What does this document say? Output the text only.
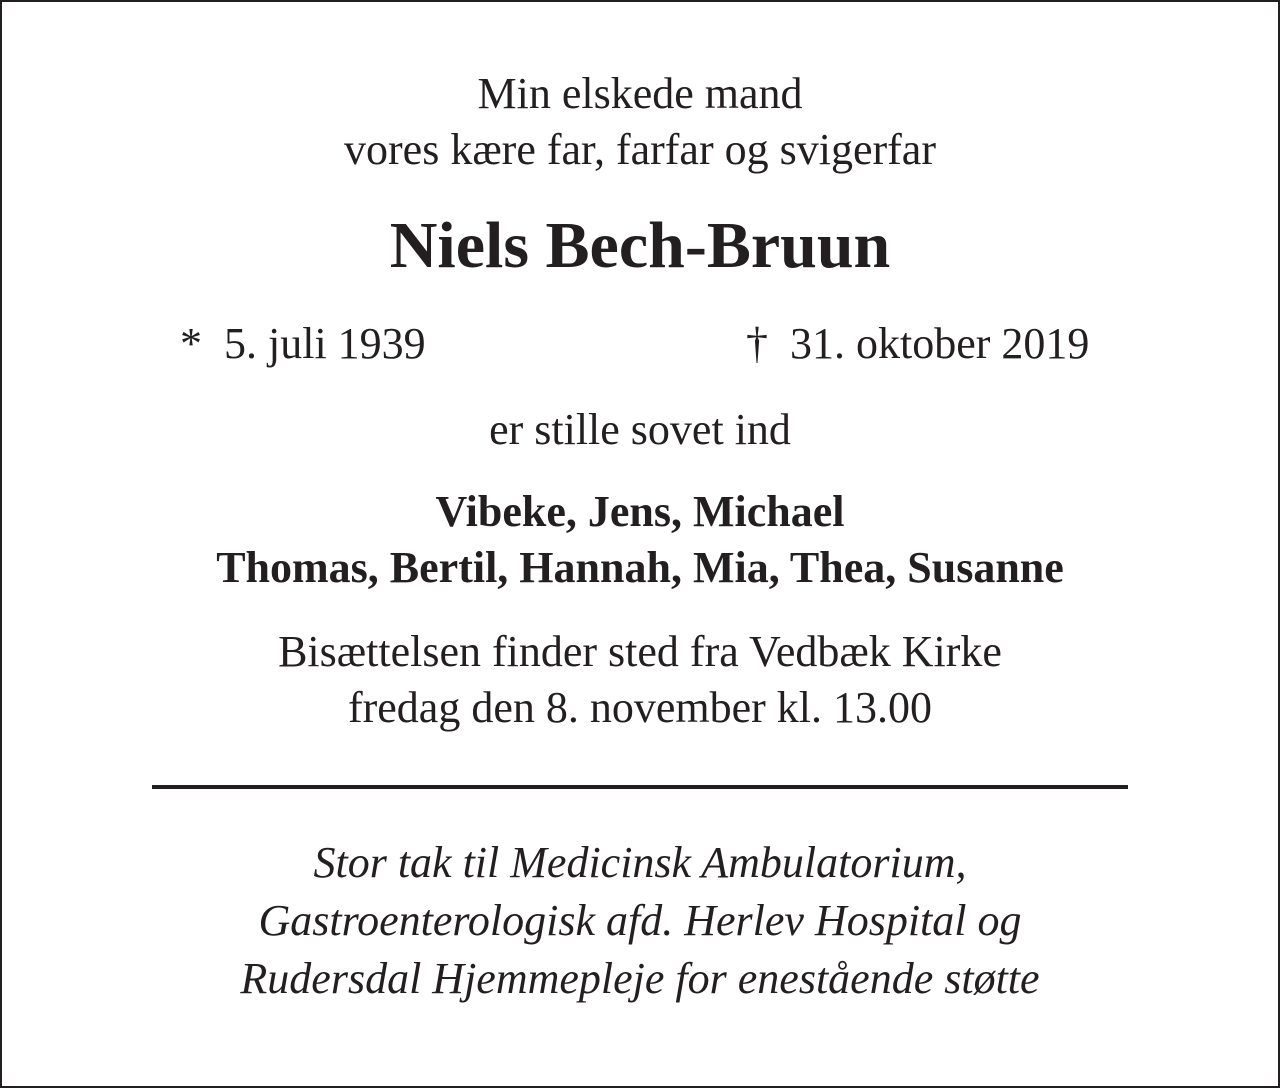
Min elskede mand
vores kære far, farfar og svigerfar
Niels Bech-Bruun
* 5. juli 1939	† 31. oktober 2019
er stille sovet ind
Vibeke, Jens, Michael
Thomas, Bertil, Hannah, Mia, Thea, Susanne
Bisættelsen finder sted fra Vedbæk Kirke
fredag den 8. november kl. 13.00
Stor tak til Medicinsk Ambulatorium,
Gastroenterologisk afd. Herlev Hospital og
Rudersdal Hjemmepleje for enestående støtte
